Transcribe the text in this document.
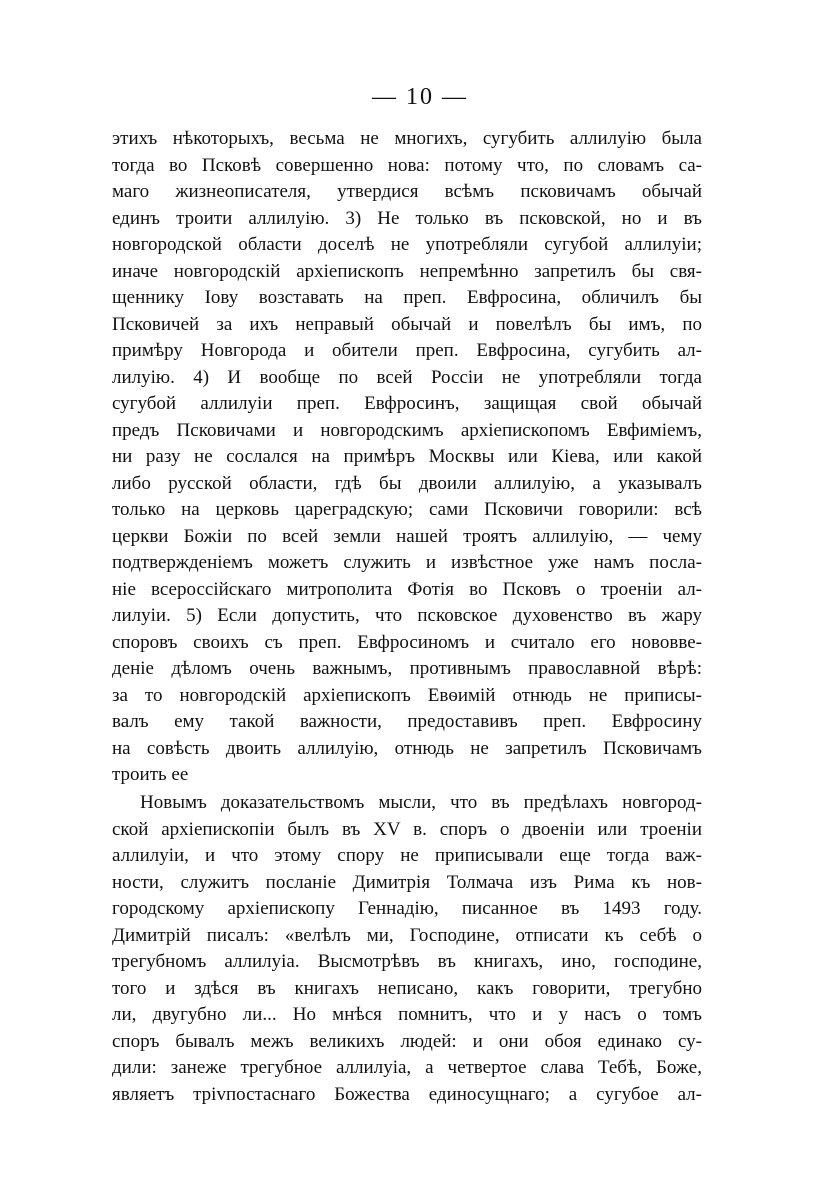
— 10 —
этихъ нѣкоторыхъ, весьма не многихъ, сугубить аллилуію была
тогда во Псковѣ совершенно нова: потому что, по словамъ са-
маго жизнеописателя, утвердися всѣмъ псковичамъ обычай
единъ троити аллилуію. 3) Не только въ псковской, но и въ
новгородской области доселѣ не употребляли сугубой аллилуіи;
иначе новгородскій архіепископъ непремѣнно запретилъ бы свя-
щеннику Іову возставать на преп. Евфросина, обличилъ бы
Псковичей за ихъ неправый обычай и повелѣлъ бы имъ, по
примѣру Новгорода и обители преп. Евфросина, сугубить ал-
лилуію. 4) И вообще по всей Россіи не употребляли тогда
сугубой аллилуіи преп. Евфросинъ, защищая свой обычай
предъ Псковичами и новгородскимъ архіепископомъ Евфиміемъ,
ни разу не сослался на примѣръ Москвы или Кіева, или какой
либо русской области, гдѣ бы двоили аллилуію, а указывалъ
только на церковь цареградскую; сами Псковичи говорили: всѣ
церкви Божіи по всей земли нашей троятъ аллилуію, — чему
подтвержденіемъ можетъ служить и извѣстное уже намъ посла-
ніе всероссійскаго митрополита Фотія во Псковъ о троеніи ал-
лилуіи. 5) Если допустить, что псковское духовенство въ жару
споровъ своихъ съ преп. Евфросиномъ и считало его нововве-
деніе дѣломъ очень важнымъ, противнымъ православной вѣрѣ:
за то новгородскій архіепископъ Евѳимій отнюдь не приписы-
валъ ему такой важности, предоставивъ преп. Евфросину
на совѣсть двоить аллилуію, отнюдь не запретилъ Псковичамъ
троить ее
Новымъ доказательствомъ мысли, что въ предѣлахъ новгород-
ской архіепископіи былъ въ XV в. споръ о двоеніи или троеніи
аллилуіи, и что этому спору не приписывали еще тогда важ-
ности, служитъ посланіе Димитрія Толмача изъ Рима къ нов-
городскому архіепископу Геннадію, писанное въ 1493 году.
Димитрій писалъ: «велѣлъ ми, Господине, отписати къ себѣ о
трегубномъ аллилуіа. Высмотрѣвъ въ книгахъ, ино, господине,
того и здѣся въ книгахъ неписано, какъ говорити, трегубно
ли, двугубно ли... Но мнѣся помнитъ, что и у насъ о томъ
споръ бывалъ межъ великихъ людей: и они обоя единако су-
дили: занеже трегубное аллилуіа, а четвертое слава Тебѣ, Боже,
являетъ тріvпостаснаго Божества единосущнаго; а сугубое ал-
